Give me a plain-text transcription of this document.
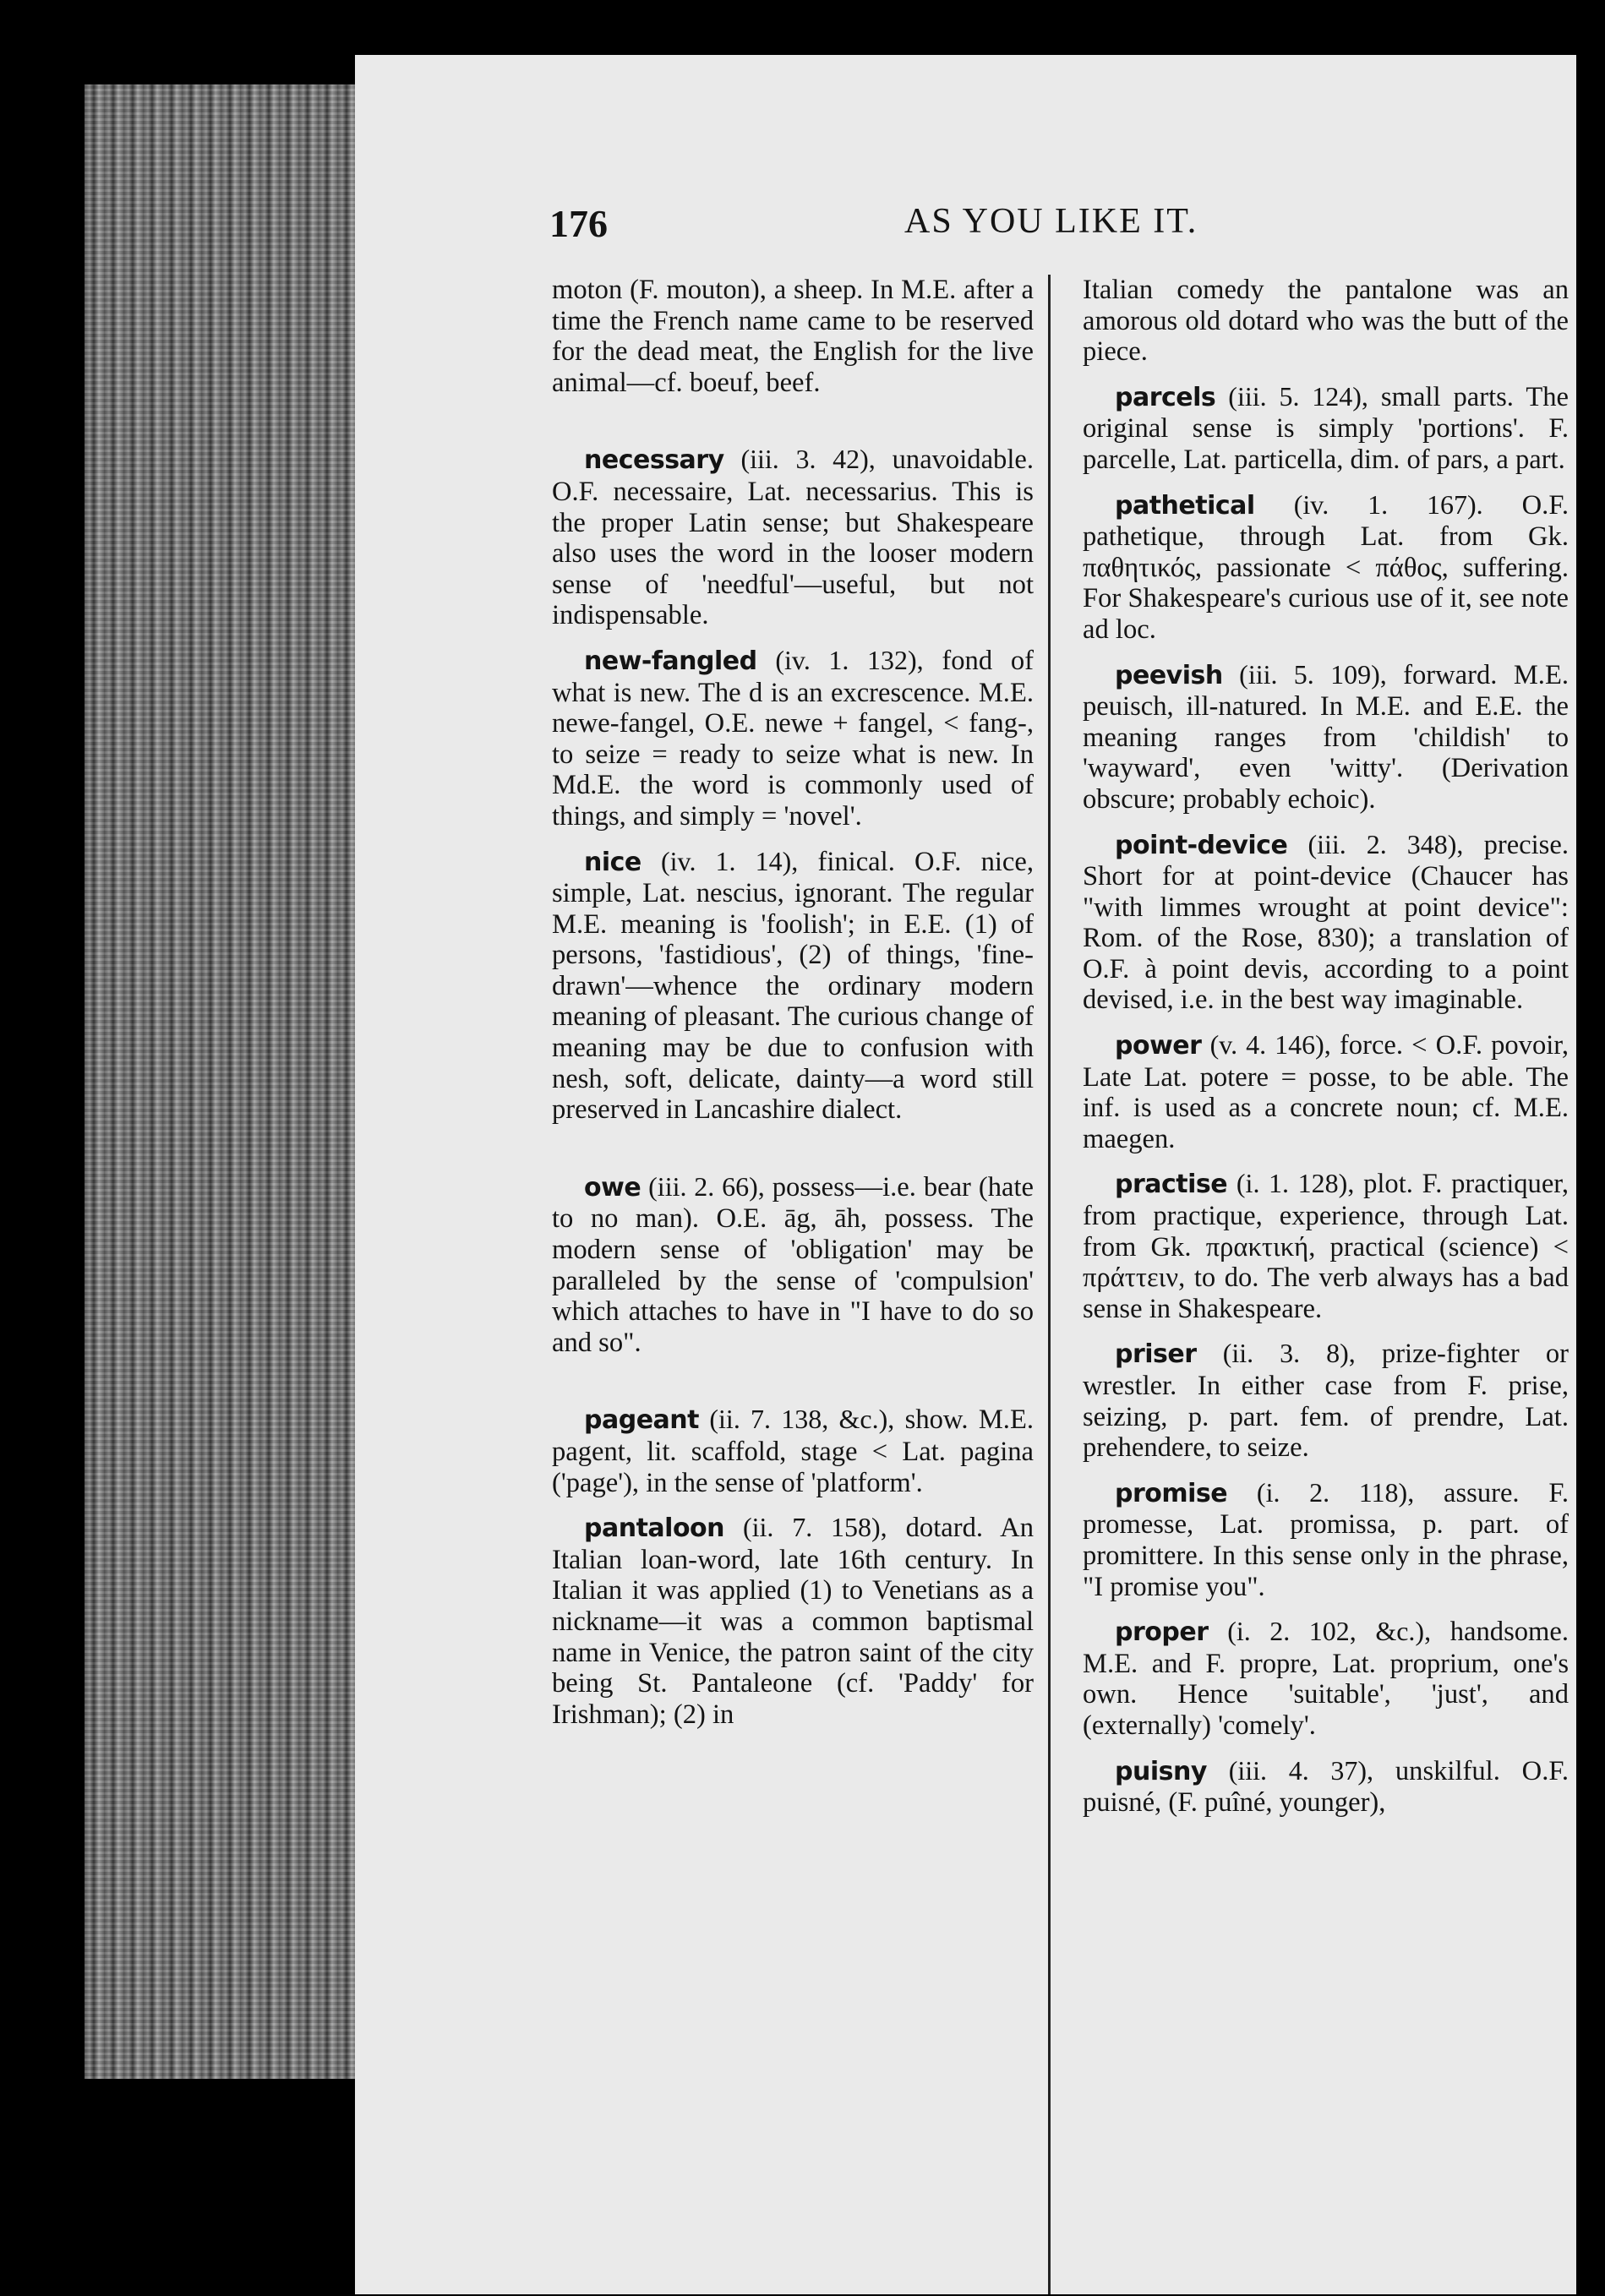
176	AS YOU LIKE IT.

moton (F. mouton), a sheep. In M.E. after a time the French name came to be reserved for the dead meat, the English for the live animal—cf. boeuf, beef.

necessary (iii. 3. 42), unavoidable. O.F. necessaire, Lat. necessarius. This is the proper Latin sense; but Shakespeare also uses the word in the looser modern sense of 'needful'—useful, but not indispensable.

new-fangled (iv. 1. 132), fond of what is new. The d is an excrescence. M.E. newe-fangel, O.E. newe + fangel, < fang-, to seize = ready to seize what is new. In Md.E. the word is commonly used of things, and simply = 'novel'.

nice (iv. 1. 14), finical. O.F. nice, simple, Lat. nescius, ignorant. The regular M.E. meaning is 'foolish'; in E.E. (1) of persons, 'fastidious', (2) of things, 'fine-drawn'—whence the ordinary modern meaning of pleasant. The curious change of meaning may be due to confusion with nesh, soft, delicate, dainty—a word still preserved in Lancashire dialect.

owe (iii. 2. 66), possess—i.e. bear (hate to no man). O.E. āg, āh, possess. The modern sense of 'obligation' may be paralleled by the sense of 'compulsion' which attaches to have in "I have to do so and so".

pageant (ii. 7. 138, &c.), show. M.E. pagent, lit. scaffold, stage < Lat. pagina ('page'), in the sense of 'platform'.

pantaloon (ii. 7. 158), dotard. An Italian loan-word, late 16th century. In Italian it was applied (1) to Venetians as a nickname—it was a common baptismal name in Venice, the patron saint of the city being St. Pantaleone (cf. 'Paddy' for Irishman); (2) in

Italian comedy the pantalone was an amorous old dotard who was the butt of the piece.

parcels (iii. 5. 124), small parts. The original sense is simply 'portions'. F. parcelle, Lat. particella, dim. of pars, a part.

pathetical (iv. 1. 167). O.F. pathetique, through Lat. from Gk. παθητικός, passionate < πάθος, suffering. For Shakespeare's curious use of it, see note ad loc.

peevish (iii. 5. 109), forward. M.E. peuisch, ill-natured. In M.E. and E.E. the meaning ranges from 'childish' to 'wayward', even 'witty'. (Derivation obscure; probably echoic).

point-device (iii. 2. 348), precise. Short for at point-device (Chaucer has "with limmes wrought at point device": Rom. of the Rose, 830); a translation of O.F. à point devis, according to a point devised, i.e. in the best way imaginable.

power (v. 4. 146), force. < O.F. povoir, Late Lat. potere = posse, to be able. The inf. is used as a concrete noun; cf. M.E. maegen.

practise (i. 1. 128), plot. F. practiquer, from practique, experience, through Lat. from Gk. πρακτική, practical (science) < πράττειν, to do. The verb always has a bad sense in Shakespeare.

priser (ii. 3. 8), prize-fighter or wrestler. In either case from F. prise, seizing, p. part. fem. of prendre, Lat. prehendere, to seize.

promise (i. 2. 118), assure. F. promesse, Lat. promissa, p. part. of promittere. In this sense only in the phrase, "I promise you".

proper (i. 2. 102, &c.), handsome. M.E. and F. propre, Lat. proprium, one's own. Hence 'suitable', 'just', and (externally) 'comely'.

puisny (iii. 4. 37), unskilful. O.F. puisné, (F. puîné, younger),
